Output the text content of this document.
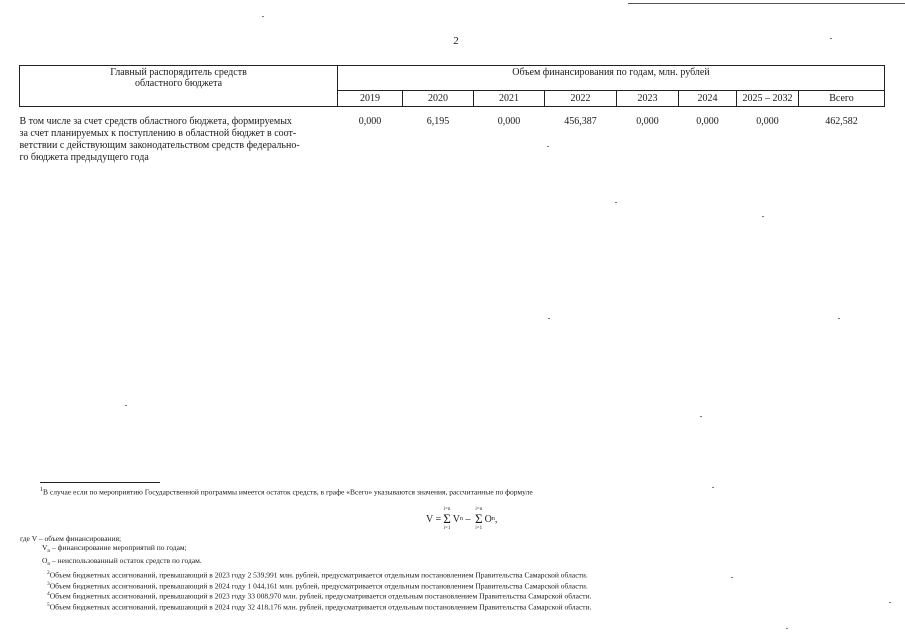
2
Главный распорядитель средств
областного бюджета	Объем финансирования по годам, млн. рублей							
	2019	2020	2021	2022	2023	2024	2025 – 2032	Всего

В том числе за счет средств областного бюджета, формируемых
за счет планируемых к поступлению в областной бюджет в соот-
ветствии с действующим законодательством средств федерально-
го бюджета предыдущего года	0,000	6,195	0,000	456,387	0,000	0,000	0,000	462,582
$^1$В случае если по мероприятию Государственной программы имеется остаток средств, в графе «Всего» указываются значения, рассчитанные по формуле
V =
i=n
Σ
i=1
V n –
i=n
Σ
i=1
O n ,
где V – объем финансирования;
$V_n$ – финансирование мероприятий по годам;
$O_n$ – неиспользованный остаток средств по годам.
$^2$Объем бюджетных ассигнований, превышающий в 2023 году 2 539,991 млн. рублей, предусматривается отдельным постановлением Правительства Самарской области.
$^3$Объем бюджетных ассигнований, превышающий в 2024 году 1 044,161 млн. рублей, предусматривается отдельным постановлением Правительства Самарской области.
$^4$Объем бюджетных ассигнований, превышающий в 2023 году 33 008,970 млн. рублей, предусматривается отдельным постановлением Правительства Самарской области.
$^5$Объем бюджетных ассигнований, превышающий в 2024 году 32 418,176 млн. рублей, предусматривается отдельным постановлением Правительства Самарской области.
